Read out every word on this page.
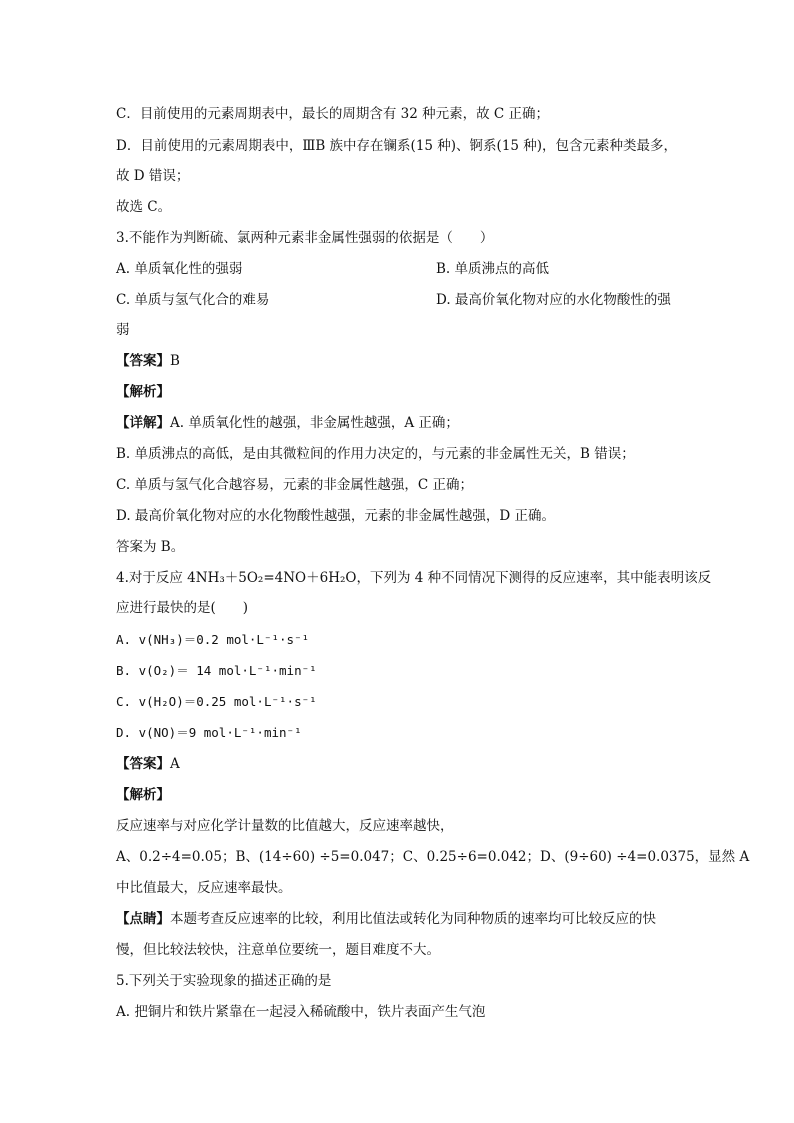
C．目前使用的元素周期表中，最长的周期含有 32 种元素，故 C 正确；
D．目前使用的元素周期表中，ⅢB 族中存在镧系(15 种)、锕系(15 种)，包含元素种类最多，
故 D 错误；
故选 C。
3.不能作为判断硫、氯两种元素非金属性强弱的依据是（　　）
A. 单质氧化性的强弱	B. 单质沸点的高低
C. 单质与氢气化合的难易	D. 最高价氧化物对应的水化物酸性的强
弱
【答案】B
【解析】
【详解】A. 单质氧化性的越强，非金属性越强，A 正确；
B. 单质沸点的高低，是由其微粒间的作用力决定的，与元素的非金属性无关，B 错误；
C. 单质与氢气化合越容易，元素的非金属性越强，C 正确；
D. 最高价氧化物对应的水化物酸性越强，元素的非金属性越强，D 正确。
答案为 B。
4.对于反应 4NH₃＋5O₂=4NO＋6H₂O，下列为 4 种不同情况下测得的反应速率，其中能表明该反
应进行最快的是(　　)
A. v(NH₃)＝0.2 mol·L⁻¹·s⁻¹
B. v(O₂)＝ 14 mol·L⁻¹·min⁻¹
C. v(H₂O)＝0.25 mol·L⁻¹·s⁻¹
D. v(NO)＝9 mol·L⁻¹·min⁻¹
【答案】A
【解析】
反应速率与对应化学计量数的比值越大，反应速率越快，
A、0.2÷4=0.05；B、(14÷60) ÷5=0.047；C、0.25÷6=0.042；D、(9÷60) ÷4=0.0375，显然 A
中比值最大，反应速率最快。
【点睛】本题考查反应速率的比较，利用比值法或转化为同种物质的速率均可比较反应的快
慢，但比较法较快，注意单位要统一，题目难度不大。
5.下列关于实验现象的描述正确的是
A. 把铜片和铁片紧靠在一起浸入稀硫酸中，铁片表面产生气泡
